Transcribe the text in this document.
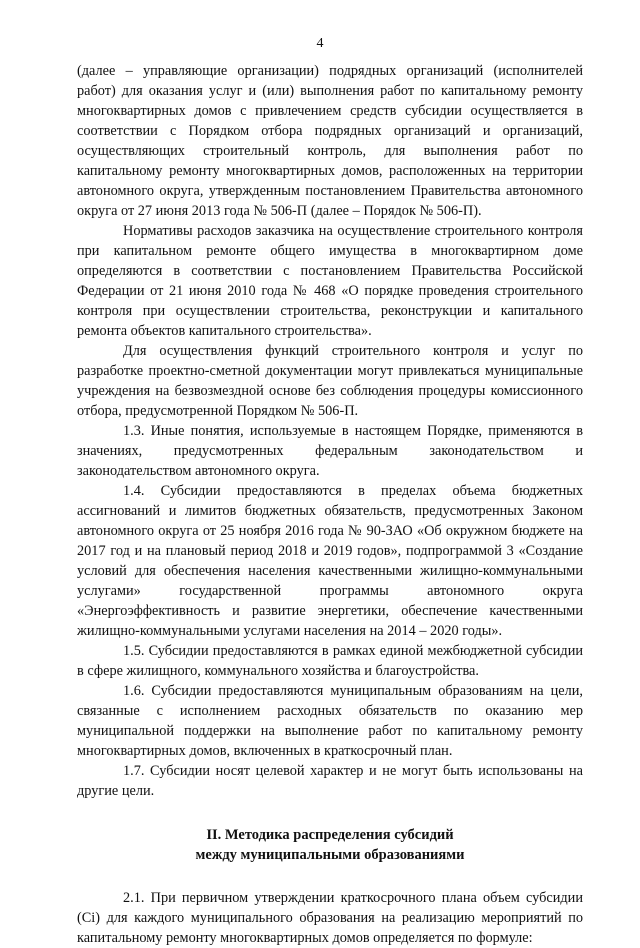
4

(далее – управляющие организации) подрядных организаций (исполнителей работ) для оказания услуг и (или) выполнения работ по капитальному ремонту многоквартирных домов с привлечением средств субсидии осуществляется в соответствии с Порядком отбора подрядных организаций и организаций, осуществляющих строительный контроль, для выполнения работ по капитальному ремонту многоквартирных домов, расположенных на территории автономного округа, утвержденным постановлением Правительства автономного округа от 27 июня 2013 года № 506-П (далее – Порядок № 506-П).

Нормативы расходов заказчика на осуществление строительного контроля при капитальном ремонте общего имущества в многоквартирном доме определяются в соответствии с постановлением Правительства Российской Федерации от 21 июня 2010 года № 468 «О порядке проведения строительного контроля при осуществлении строительства, реконструкции и капитального ремонта объектов капитального строительства».

Для осуществления функций строительного контроля и услуг по разработке проектно-сметной документации могут привлекаться муниципальные учреждения на безвозмездной основе без соблюдения процедуры комиссионного отбора, предусмотренной Порядком № 506-П.

1.3. Иные понятия, используемые в настоящем Порядке, применяются в значениях, предусмотренных федеральным законодательством и законодательством автономного округа.

1.4. Субсидии предоставляются в пределах объема бюджетных ассигнований и лимитов бюджетных обязательств, предусмотренных Законом автономного округа от 25 ноября 2016 года № 90-ЗАО «Об окружном бюджете на 2017 год и на плановый период 2018 и 2019 годов», подпрограммой 3 «Создание условий для обеспечения населения качественными жилищно-коммунальными услугами» государственной программы автономного округа «Энергоэффективность и развитие энергетики, обеспечение качественными жилищно-коммунальными услугами населения на 2014 – 2020 годы».

1.5. Субсидии предоставляются в рамках единой межбюджетной субсидии в сфере жилищного, коммунального хозяйства и благоустройства.

1.6. Субсидии предоставляются муниципальным образованиям на цели, связанные с исполнением расходных обязательств по оказанию мер муниципальной поддержки на выполнение работ по капитальному ремонту многоквартирных домов, включенных в краткосрочный план.

1.7. Субсидии носят целевой характер и не могут быть использованы на другие цели.

II. Методика распределения субсидий
между муниципальными образованиями

2.1. При первичном утверждении краткосрочного плана объем субсидии (Ci) для каждого муниципального образования на реализацию мероприятий по капитальному ремонту многоквартирных домов определяется по формуле:
